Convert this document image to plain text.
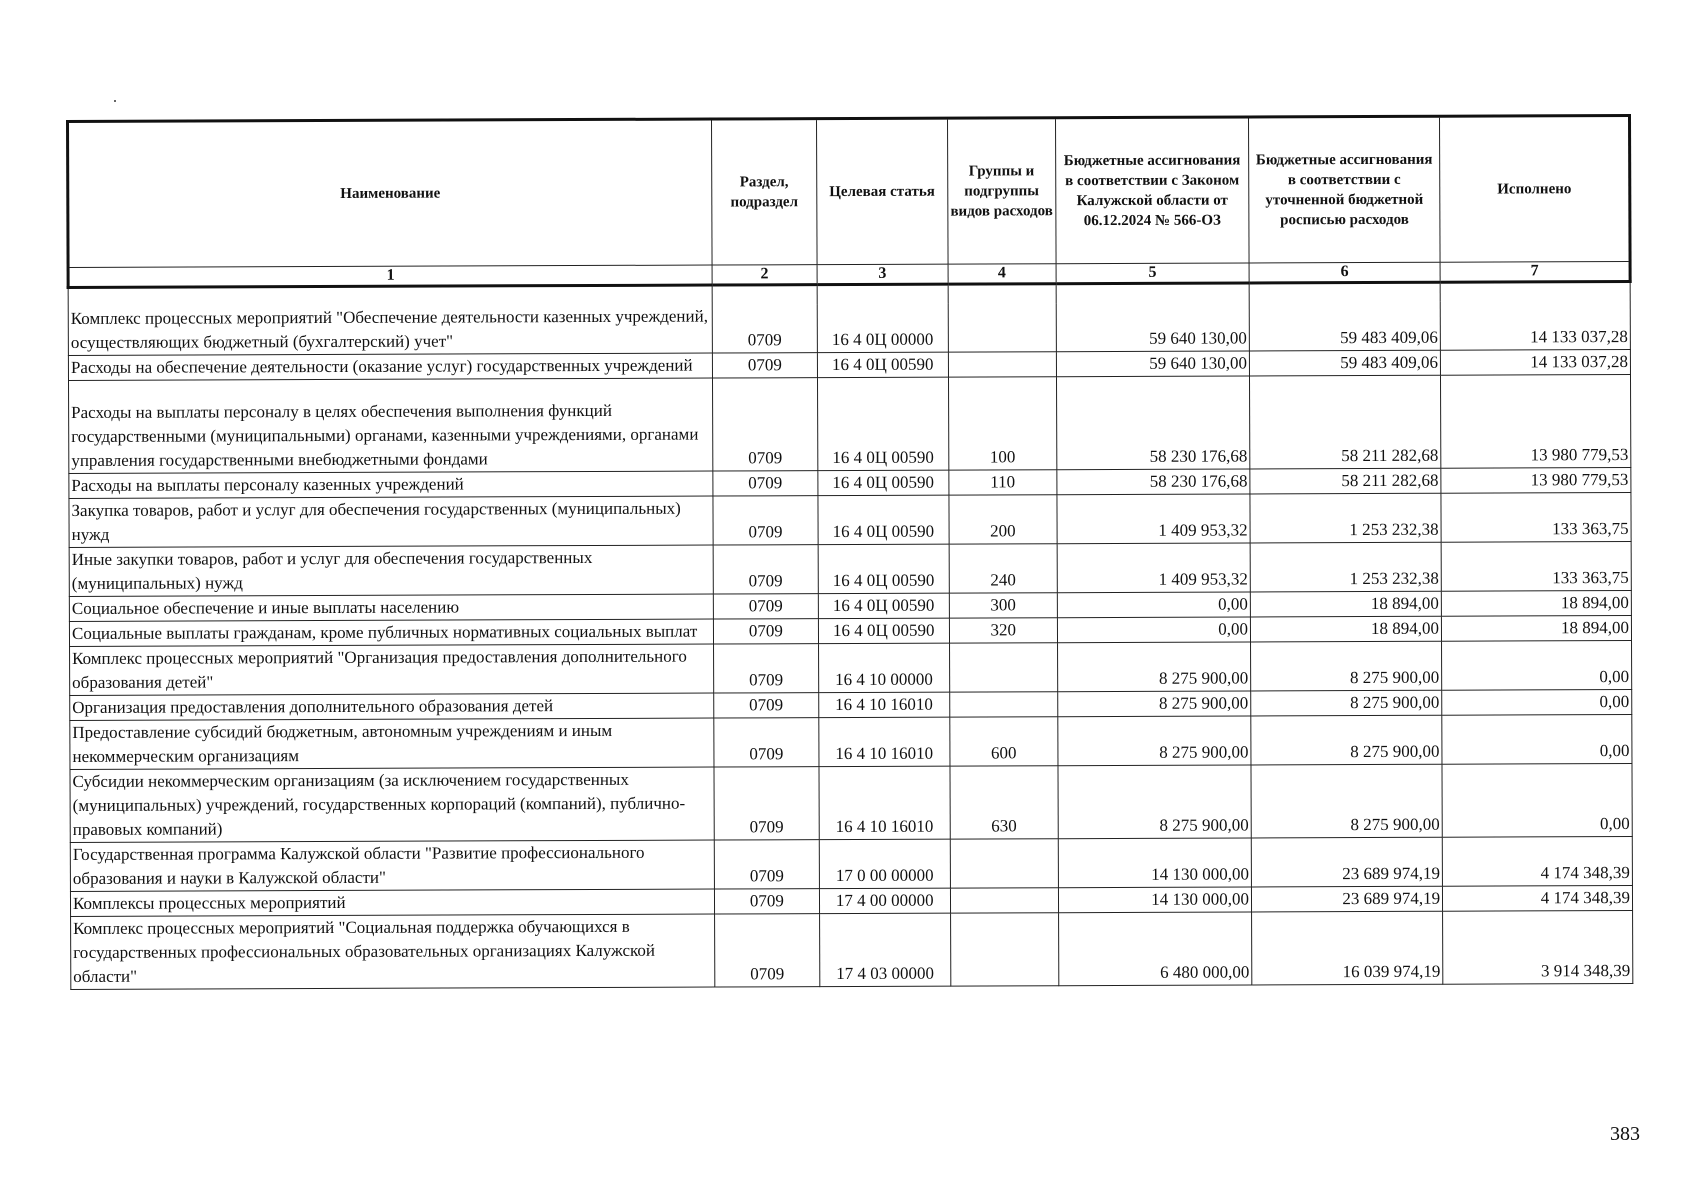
Наименование	Раздел, подраздел	Целевая статья	Группы и подгруппы видов расходов	Бюджетные ассигнования в соответствии с Законом Калужской области от 06.12.2024 № 566-ОЗ	Бюджетные ассигнования в соответствии с уточненной бюджетной росписью расходов	Исполнено
1	2	3	4	5	6	7

Комплекс процессных мероприятий "Обеспечение деятельности казенных учреждений, осуществляющих бюджетный (бухгалтерский) учет"	0709	16 4 0Ц 00000		59 640 130,00	59 483 409,06	14 133 037,28
Расходы на обеспечение деятельности (оказание услуг) государственных учреждений	0709	16 4 0Ц 00590		59 640 130,00	59 483 409,06	14 133 037,28
Расходы на выплаты персоналу в целях обеспечения выполнения функций государственными (муниципальными) органами, казенными учреждениями, органами управления государственными внебюджетными фондами	0709	16 4 0Ц 00590	100	58 230 176,68	58 211 282,68	13 980 779,53
Расходы на выплаты персоналу казенных учреждений	0709	16 4 0Ц 00590	110	58 230 176,68	58 211 282,68	13 980 779,53
Закупка товаров, работ и услуг для обеспечения государственных (муниципальных) нужд	0709	16 4 0Ц 00590	200	1 409 953,32	1 253 232,38	133 363,75
Иные закупки товаров, работ и услуг для обеспечения государственных (муниципальных) нужд	0709	16 4 0Ц 00590	240	1 409 953,32	1 253 232,38	133 363,75
Социальное обеспечение и иные выплаты населению	0709	16 4 0Ц 00590	300	0,00	18 894,00	18 894,00
Социальные выплаты гражданам, кроме публичных нормативных социальных выплат	0709	16 4 0Ц 00590	320	0,00	18 894,00	18 894,00
Комплекс процессных мероприятий "Организация предоставления дополнительного образования детей"	0709	16 4 10 00000		8 275 900,00	8 275 900,00	0,00
Организация предоставления дополнительного образования детей	0709	16 4 10 16010		8 275 900,00	8 275 900,00	0,00
Предоставление субсидий бюджетным, автономным учреждениям и иным некоммерческим организациям	0709	16 4 10 16010	600	8 275 900,00	8 275 900,00	0,00
Субсидии некоммерческим организациям (за исключением государственных (муниципальных) учреждений, государственных корпораций (компаний), публично-правовых компаний)	0709	16 4 10 16010	630	8 275 900,00	8 275 900,00	0,00
Государственная программа Калужской области "Развитие профессионального образования и науки в Калужской области"	0709	17 0 00 00000		14 130 000,00	23 689 974,19	4 174 348,39
Комплексы процессных мероприятий	0709	17 4 00 00000		14 130 000,00	23 689 974,19	4 174 348,39
Комплекс процессных мероприятий "Социальная поддержка обучающихся в государственных профессиональных образовательных организациях Калужской области"	0709	17 4 03 00000		6 480 000,00	16 039 974,19	3 914 348,39
383
